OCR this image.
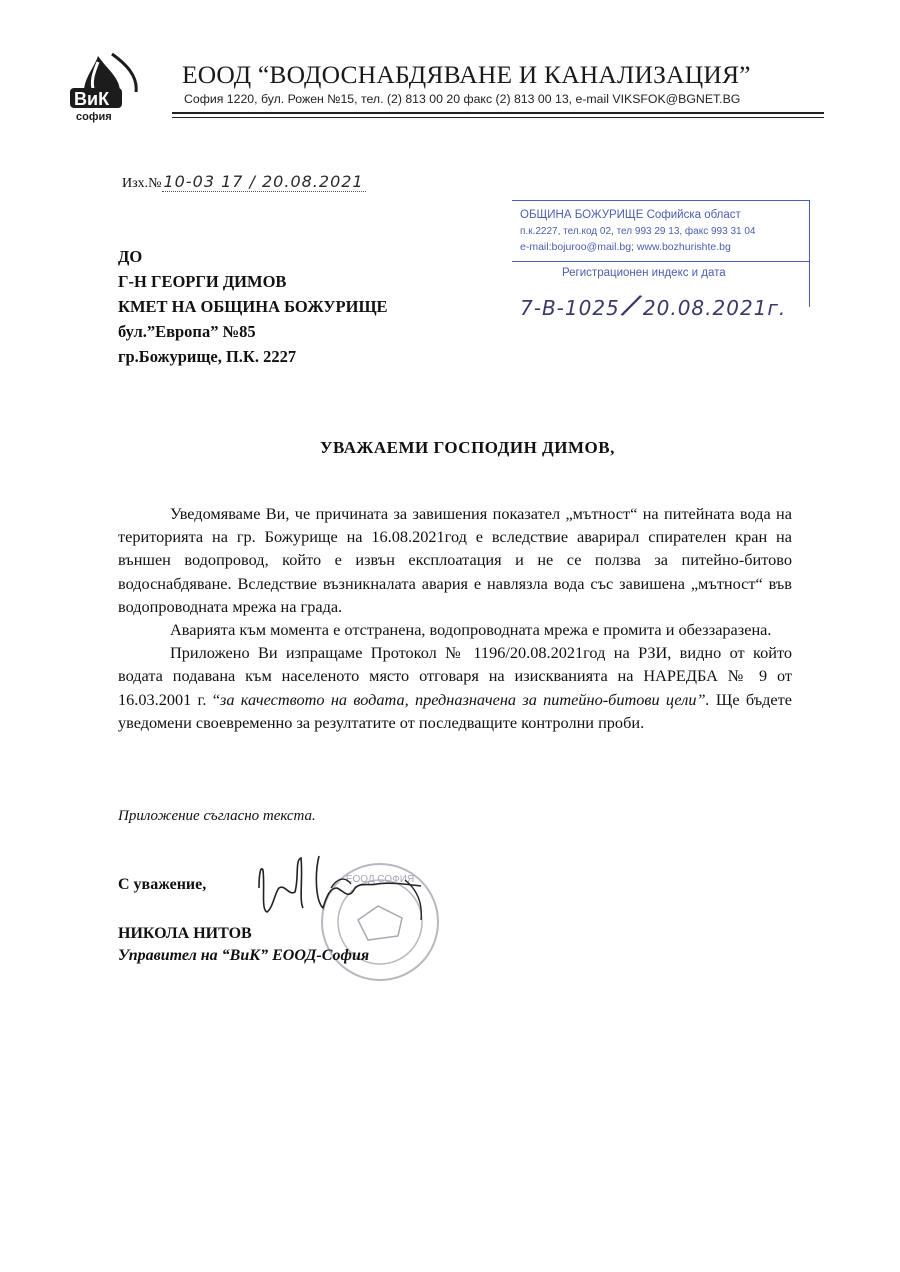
ВиК
софия
ЕООД “ВОДОСНАБДЯВАНЕ И КАНАЛИЗАЦИЯ”
София 1220, бул. Рожен №15, тел. (2) 813 00 20 факс (2) 813 00 13, e-mail VIKSFOK@BGNET.BG
Изх.№ 10-03 17 / 20.08.2021
ОБЩИНА БОЖУРИЩЕ Софийска област
п.к.2227, тел.код 02, тел 993 29 13, факс 993 31 04
e-mail:bojuroo@mail.bg; www.bozhurishte.bg
Регистрационен индекс и дата
7-В-1025/20.08.2021г.
ДО
Г-Н ГЕОРГИ ДИМОВ
КМЕТ НА ОБЩИНА БОЖУРИЩЕ
бул.”Европа” №85
гр.Божурище, П.К. 2227
УВАЖАЕМИ ГОСПОДИН ДИМОВ,

Уведомяваме Ви, че причината за завишения показател „мътност“ на питейната вода на територията на гр. Божурище на 16.08.2021год е вследствие аварирал спирателен кран на външен водопровод, който е извън експлоатация и не се ползва за питейно-битово водоснабдяване. Вследствие възникналата авария е навлязла вода със завишена „мътност“ във водопроводната мрежа на града.

Аварията към момента е отстранена, водопроводната мрежа е промита и обеззаразена.

Приложено Ви изпращаме Протокол № 1196/20.08.2021год на РЗИ, видно от който водата подавана към населеното място отговаря на изискванията на НАРЕДБА № 9 от 16.03.2001 г. “за качеството на водата, предназначена за питейно-битови цели”. Ще бъдете уведомени своевременно за резултатите от последващите контролни проби.

Приложение съгласно текста.
С уважение,	ЕООД СОФИЯ
НИКОЛА НИТОВ
Управител на “ВиК” ЕООД-София
